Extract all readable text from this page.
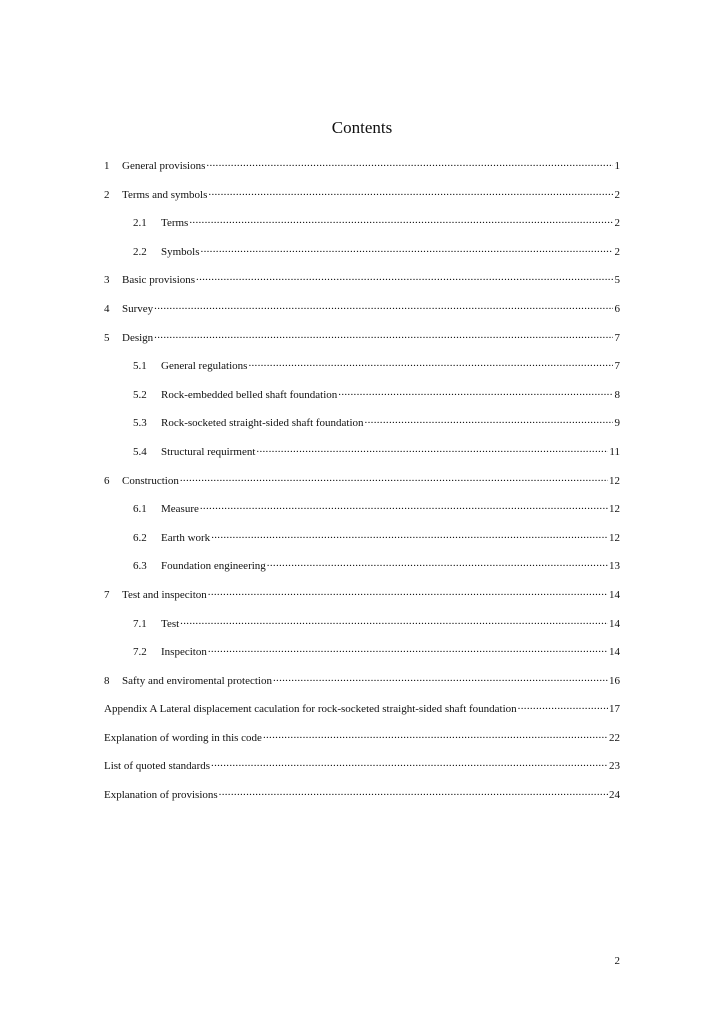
Contents
1	General provisions .....	1
2	Terms and symbols .....	2
2.1	Terms .....	2
2.2	Symbols .....	2
3	Basic provisions .....	5
4	Survey .....	6
5	Design .....	7
5.1	General regulations .....	7
5.2	Rock-embedded belled shaft foundation .....	8
5.3	Rock-socketed straight-sided shaft foundation .....	9
5.4	Structural requirment .....	11
6	Construction .....	12
6.1	Measure .....	12
6.2	Earth work .....	12
6.3	Foundation engineering .....	13
7	Test and inspeciton .....	14
7.1	Test .....	14
7.2	Inspeciton .....	14
8	Safty and enviromental protection .....	16
Appendix A Lateral displacement caculation for rock-socketed straight-sided shaft foundation .....	17
Explanation of wording in this code .....	22
List of quoted standards .....	23
Explanation of provisions .....	24
2
